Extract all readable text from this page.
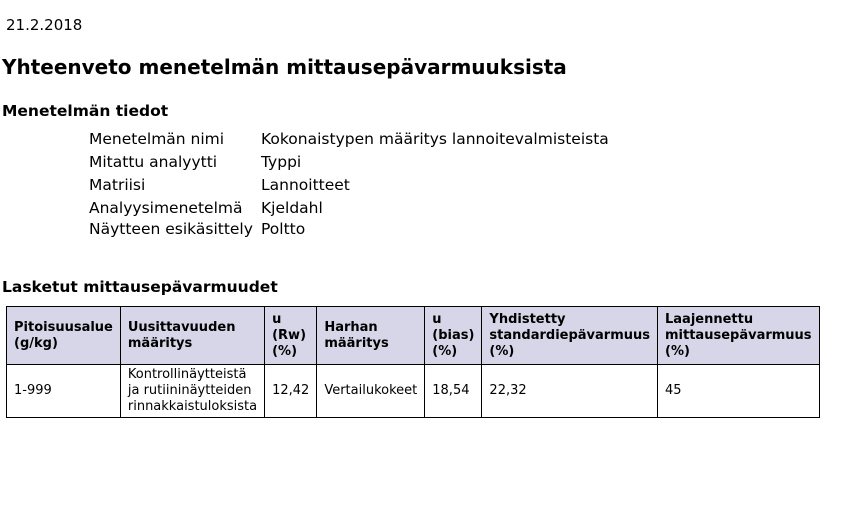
21.2.2018
Yhteenveto menetelmän mittausepävarmuuksista
Menetelmän tiedot
Menetelmän nimi	Kokonaistypen määritys lannoitevalmisteista
Mitattu analyytti	Typpi
Matriisi	Lannoitteet
Analyysimenetelmä	Kjeldahl
Näytteen esikäsittely	Poltto
Lasketut mittausepävarmuudet
Pitoisuusalue (g/kg)	Uusittavuuden määritys	u (Rw) (%)	Harhan määritys	u (bias) (%)	Yhdistetty standardiepävarmuus (%)	Laajennettu mittausepävarmuus (%)
1-999	Kontrollinäytteistä ja rutiininäytteiden rinnakkaistuloksista	12,42	Vertailukokeet	18,54	22,32	45
